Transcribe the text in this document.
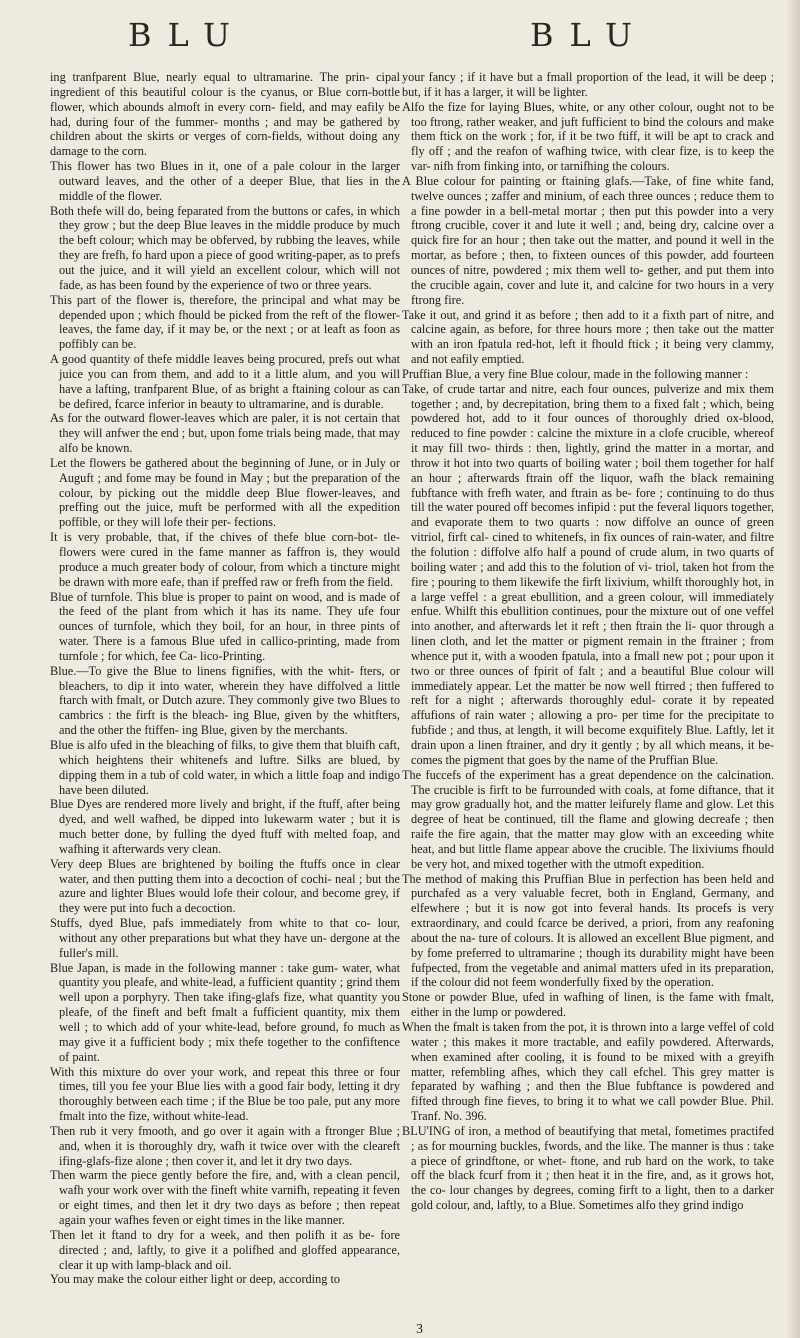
BLU	BLU

ing tranfparent Blue, nearly equal to ultramarine. The prin- cipal ingredient of this beautiful colour is the cyanus, or Blue corn-bottle flower, which abounds almoft in every corn- field, and may eafily be had, during four of the fummer- months ; and may be gathered by children about the skirts or verges of corn-fields, without doing any damage to the corn.

This flower has two Blues in it, one of a pale colour in the larger outward leaves, and the other of a deeper Blue, that lies in the middle of the flower.

Both thefe will do, being feparated from the buttons or cafes, in which they grow ; but the deep Blue leaves in the middle produce by much the beft colour; which may be obferved, by rubbing the leaves, while they are frefh, fo hard upon a piece of good writing-paper, as to prefs out the juice, and it will yield an excellent colour, which will not fade, as has been found by the experience of two or three years.

This part of the flower is, therefore, the principal and what may be depended upon ; which fhould be picked from the reft of the flower-leaves, the fame day, if it may be, or the next ; or at leaft as foon as poffibly can be.

A good quantity of thefe middle leaves being procured, prefs out what juice you can from them, and add to it a little alum, and you will have a lafting, tranfparent Blue, of as bright a ftaining colour as can be defired, fcarce inferior in beauty to ultramarine, and is durable.

As for the outward flower-leaves which are paler, it is not certain that they will anfwer the end ; but, upon fome trials being made, that may alfo be known.

Let the flowers be gathered about the beginning of June, or in July or Auguft ; and fome may be found in May ; but the preparation of the colour, by picking out the middle deep Blue flower-leaves, and preffing out the juice, muft be performed with all the expedition poffible, or they will lofe their per- fections.

It is very probable, that, if the chives of thefe blue corn-bot- tle-flowers were cured in the fame manner as faffron is, they would produce a much greater body of colour, from which a tincture might be drawn with more eafe, than if preffed raw or frefh from the field.

Blue of turnfole. This blue is proper to paint on wood, and is made of the feed of the plant from which it has its name. They ufe four ounces of turnfole, which they boil, for an hour, in three pints of water. There is a famous Blue ufed in callico-printing, made from turnfole ; for which, fee Ca- lico-Printing.

Blue.—To give the Blue to linens fignifies, with the whit- fters, or bleachers, to dip it into water, wherein they have diffolved a little ftarch with fmalt, or Dutch azure. They commonly give two Blues to cambrics : the firft is the bleach- ing Blue, given by the whitfters, and the other the ftiffen- ing Blue, given by the merchants.

Blue is alfo ufed in the bleaching of filks, to give them that bluifh caft, which heightens their whitenefs and luftre. Silks are blued, by dipping them in a tub of cold water, in which a little foap and indigo have been diluted.

Blue Dyes are rendered more lively and bright, if the ftuff, after being dyed, and well wafhed, be dipped into lukewarm water ; but it is much better done, by fulling the dyed ftuff with melted foap, and wafhing it afterwards very clean.

Very deep Blues are brightened by boiling the ftuffs once in clear water, and then putting them into a decoction of cochi- neal ; but the azure and lighter Blues would lofe their colour, and become grey, if they were put into fuch a decoction.

Stuffs, dyed Blue, pafs immediately from white to that co- lour, without any other preparations but what they have un- dergone at the fuller's mill.

Blue Japan, is made in the following manner : take gum- water, what quantity you pleafe, and white-lead, a fufficient quantity ; grind them well upon a porphyry. Then take ifing-glafs fize, what quantity you pleafe, of the fineft and beft fmalt a fufficient quantity, mix them well ; to which add of your white-lead, before ground, fo much as may give it a fufficient body ; mix thefe together to the confiftence of paint.

With this mixture do over your work, and repeat this three or four times, till you fee your Blue lies with a good fair body, letting it dry thoroughly between each time ; if the Blue be too pale, put any more fmalt into the fize, without white-lead.

Then rub it very fmooth, and go over it again with a ftronger Blue ; and, when it is thoroughly dry, wafh it twice over with the cleareft ifing-glafs-fize alone ; then cover it, and let it dry two days.

Then warm the piece gently before the fire, and, with a clean pencil, wafh your work over with the fineft white varnifh, repeating it feven or eight times, and then let it dry two days as before ; then repeat again your wafhes feven or eight times in the like manner.

Then let it ftand to dry for a week, and then polifh it as be- fore directed ; and, laftly, to give it a polifhed and gloffed appearance, clear it up with lamp-black and oil.

You may make the colour either light or deep, according to

your fancy ; if it have but a fmall proportion of the lead, it will be deep ; but, if it has a larger, it will be lighter.

Alfo the fize for laying Blues, white, or any other colour, ought not to be too ftrong, rather weaker, and juft fufficient to bind the colours and make them ftick on the work ; for, if it be two ftiff, it will be apt to crack and fly off ; and the reafon of wafhing twice, with clear fize, is to keep the var- nifh from finking into, or tarnifhing the colours.

A Blue colour for painting or ftaining glafs.—Take, of fine white fand, twelve ounces ; zaffer and minium, of each three ounces ; reduce them to a fine powder in a bell-metal mortar ; then put this powder into a very ftrong crucible, cover it and lute it well ; and, being dry, calcine over a quick fire for an hour ; then take out the matter, and pound it well in the mortar, as before ; then, to fixteen ounces of this powder, add fourteen ounces of nitre, powdered ; mix them well to- gether, and put them into the crucible again, cover and lute it, and calcine for two hours in a very ftrong fire.

Take it out, and grind it as before ; then add to it a fixth part of nitre, and calcine again, as before, for three hours more ; then take out the matter with an iron fpatula red-hot, left it fhould ftick ; it being very clammy, and not eafily emptied.

Pruffian Blue, a very fine Blue colour, made in the following manner :

Take, of crude tartar and nitre, each four ounces, pulverize and mix them together ; and, by decrepitation, bring them to a fixed falt ; which, being powdered hot, add to it four ounces of thoroughly dried ox-blood, reduced to fine powder : calcine the mixture in a clofe crucible, whereof it may fill two- thirds : then, lightly, grind the matter in a mortar, and throw it hot into two quarts of boiling water ; boil them together for half an hour ; afterwards ftrain off the liquor, wafh the black remaining fubftance with frefh water, and ftrain as be- fore ; continuing to do thus till the water poured off becomes infipid : put the feveral liquors together, and evaporate them to two quarts : now diffolve an ounce of green vitriol, firft cal- cined to whitenefs, in fix ounces of rain-water, and filtre the folution : diffolve alfo half a pound of crude alum, in two quarts of boiling water ; and add this to the folution of vi- triol, taken hot from the fire ; pouring to them likewife the firft lixivium, whilft thoroughly hot, in a large veffel : a great ebullition, and a green colour, will immediately enfue. Whilft this ebullition continues, pour the mixture out of one veffel into another, and afterwards let it reft ; then ftrain the li- quor through a linen cloth, and let the matter or pigment remain in the ftrainer ; from whence put it, with a wooden fpatula, into a fmall new pot ; pour upon it two or three ounces of fpirit of falt ; and a beautiful Blue colour will immediately appear. Let the matter be now well ftirred ; then fuffered to reft for a night ; afterwards thoroughly edul- corate it by repeated affufions of rain water ; allowing a pro- per time for the precipitate to fubfide ; and thus, at length, it will become exquifitely Blue. Laftly, let it drain upon a linen ftrainer, and dry it gently ; by all which means, it be- comes the pigment that goes by the name of the Pruffian Blue.

The fuccefs of the experiment has a great dependence on the calcination. The crucible is firft to be furrounded with coals, at fome diftance, that it may grow gradually hot, and the matter leifurely flame and glow. Let this degree of heat be continued, till the flame and glowing decreafe ; then raife the fire again, that the matter may glow with an exceeding white heat, and but little flame appear above the crucible. The lixiviums fhould be very hot, and mixed together with the utmoft expedition.

The method of making this Pruffian Blue in perfection has been held and purchafed as a very valuable fecret, both in England, Germany, and elfewhere ; but it is now got into feveral hands. Its procefs is very extraordinary, and could fcarce be derived, a priori, from any reafoning about the na- ture of colours. It is allowed an excellent Blue pigment, and by fome preferred to ultramarine ; though its durability might have been fufpected, from the vegetable and animal matters ufed in its preparation, if the colour did not feem wonderfully fixed by the operation.

Stone or powder Blue, ufed in wafhing of linen, is the fame with fmalt, either in the lump or powdered.

When the fmalt is taken from the pot, it is thrown into a large veffel of cold water ; this makes it more tractable, and eafily powdered. Afterwards, when examined after cooling, it is found to be mixed with a greyifh matter, refembling afhes, which they call efchel. This grey matter is feparated by wafhing ; and then the Blue fubftance is powdered and fifted through fine fieves, to bring it to what we call powder Blue. Phil. Tranf. No. 396.

BLU'ING of iron, a method of beautifying that metal, fometimes practifed ; as for mourning buckles, fwords, and the like. The manner is thus : take a piece of grindftone, or whet- ftone, and rub hard on the work, to take off the black fcurf from it ; then heat it in the fire, and, as it grows hot, the co- lour changes by degrees, coming firft to a light, then to a darker gold colour, and, laftly, to a Blue. Sometimes alfo they grind indigo

3
